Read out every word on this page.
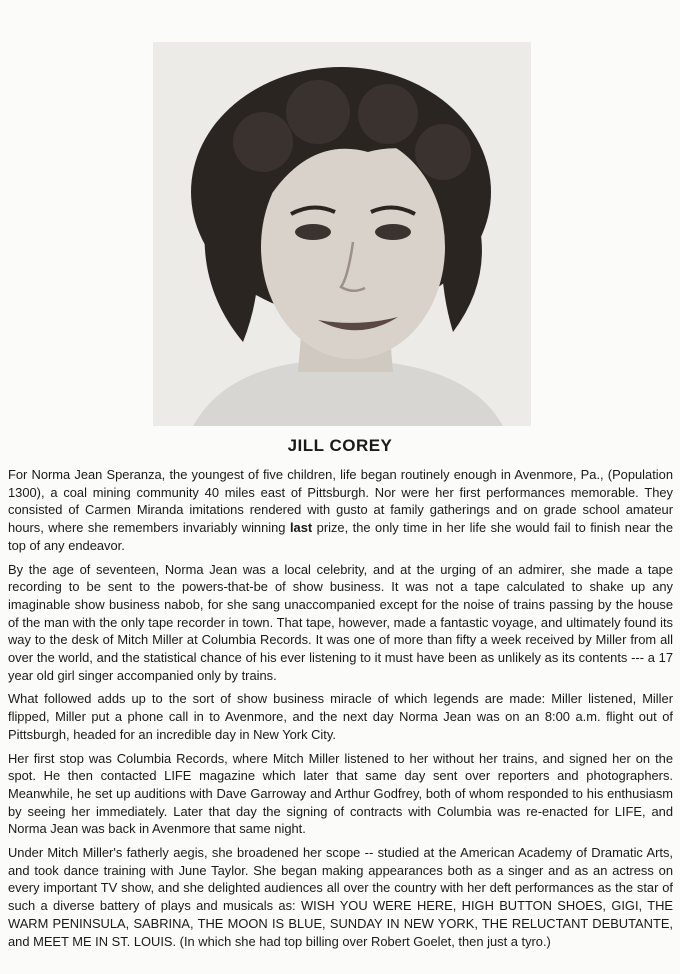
JILL COREY

For Norma Jean Speranza, the youngest of five children, life began routinely enough in Avenmore, Pa., (Population 1300), a coal mining community 40 miles east of Pittsburgh. Nor were her first performances memorable. They consisted of Carmen Miranda imitations rendered with gusto at family gatherings and on grade school amateur hours, where she remembers invariably winning last prize, the only time in her life she would fail to finish near the top of any endeavor.

By the age of seventeen, Norma Jean was a local celebrity, and at the urging of an admirer, she made a tape recording to be sent to the powers-that-be of show business. It was not a tape calculated to shake up any imaginable show business nabob, for she sang unaccompanied except for the noise of trains passing by the house of the man with the only tape recorder in town. That tape, however, made a fantastic voyage, and ultimately found its way to the desk of Mitch Miller at Columbia Records. It was one of more than fifty a week received by Miller from all over the world, and the statistical chance of his ever listening to it must have been as unlikely as its contents --- a 17 year old girl singer accompanied only by trains.

What followed adds up to the sort of show business miracle of which legends are made: Miller listened, Miller flipped, Miller put a phone call in to Avenmore, and the next day Norma Jean was on an 8:00 a.m. flight out of Pittsburgh, headed for an incredible day in New York City.

Her first stop was Columbia Records, where Mitch Miller listened to her without her trains, and signed her on the spot. He then contacted LIFE magazine which later that same day sent over reporters and photographers. Meanwhile, he set up auditions with Dave Garroway and Arthur Godfrey, both of whom responded to his enthusiasm by seeing her immediately. Later that day the signing of contracts with Columbia was re-enacted for LIFE, and Norma Jean was back in Avenmore that same night.

Under Mitch Miller's fatherly aegis, she broadened her scope -- studied at the American Academy of Dramatic Arts, and took dance training with June Taylor. She began making appearances both as a singer and as an actress on every important TV show, and she delighted audiences all over the country with her deft performances as the star of such a diverse battery of plays and musicals as: WISH YOU WERE HERE, HIGH BUTTON SHOES, GIGI, THE WARM PENINSULA, SABRINA, THE MOON IS BLUE, SUNDAY IN NEW YORK, THE RELUCTANT DEBUTANTE, and MEET ME IN ST. LOUIS. (In which she had top billing over Robert Goelet, then just a tyro.)
